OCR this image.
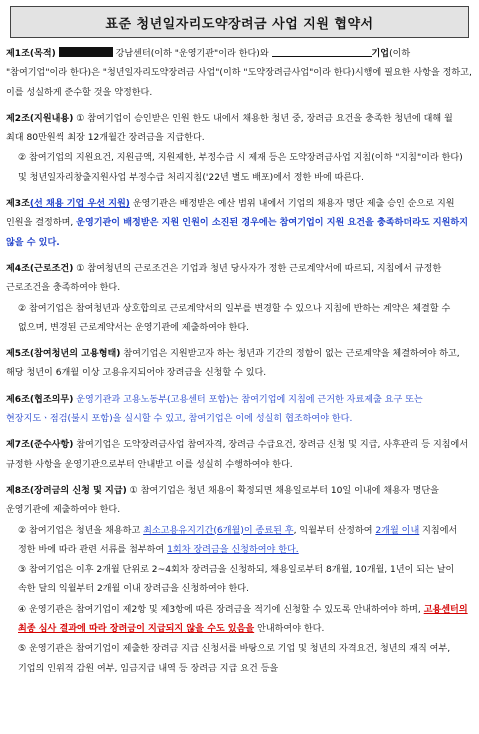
표준 청년일자리도약장려금 사업 지원 협약서
제1조(목적)	강남센터(이하 "운영기관"이라 한다)와	기업(이하 "참여기업"이라 한다)은 "청년일자리도약장려금 사업"(이하 "도약장려금사업"이라 한다)시행에 필요한 사항을 정하고, 이를 성실하게 준수할 것을 약정한다.
제2조(지원내용) ① 참여기업이 승인받은 인원 한도 내에서 채용한 청년 중, 장려금 요건을 충족한 청년에 대해 월 최대 80만원씩 최장 12개월간 장려금을 지급한다.
② 참여기업의 지원요건, 지원금액, 지원제한, 부정수급 시 제재 등은 도약장려금사업 지침(이하 "지침"이라 한다) 및 청년일자리창출지원사업 부정수급 처리지침('22년 별도 배포)에서 정한 바에 따른다.
제3조(선 채용 기업 우선 지원) 운영기관은 배정받은 예산 범위 내에서 기업의 채용자 명단 제출 승인 순으로 지원 인원을 결정하며, 운영기관이 배정받은 지원 인원이 소진된 경우에는 참여기업이 지원 요건을 충족하더라도 지원하지 않을 수 있다.
제4조(근로조건) ① 참여청년의 근로조건은 기업과 청년 당사자가 정한 근로계약서에 따르되, 지침에서 규정한 근로조건을 충족하여야 한다.
② 참여기업은 참여청년과 상호합의로 근로계약서의 일부를 변경할 수 있으나 지침에 반하는 계약은 체결할 수 없으며, 변경된 근로계약서는 운영기관에 제출하여야 한다.
제5조(참여청년의 고용형태) 참여기업은 지원받고자 하는 청년과 기간의 정함이 없는 근로계약을 체결하여야 하고, 해당 청년이 6개월 이상 고용유지되어야 장려금을 신청할 수 있다.
제6조(협조의무) 운영기관과 고용노동부(고용센터 포함)는 참여기업에 지침에 근거한 자료제출 요구 또는 현장지도ㆍ점검(불시 포함)을 실시할 수 있고, 참여기업은 이에 성실히 협조하여야 한다.
제7조(준수사항) 참여기업은 도약장려금사업 참여자격, 장려금 수급요건, 장려금 신청 및 지급, 사후관리 등 지침에서 규정한 사항을 운영기관으로부터 안내받고 이를 성실히 수행하여야 한다.
제8조(장려금의 신청 및 지급) ① 참여기업은 청년 채용이 확정되면 채용일로부터 10일 이내에 채용자 명단을 운영기관에 제출하여야 한다.
② 참여기업은 청년을 채용하고 최소고용유지기간(6개월)이 종료된 후, 익월부터 산정하여 2개월 이내 지침에서 정한 바에 따라 관련 서류를 첨부하여 1회차 장려금을 신청하여야 한다.
③ 참여기업은 이후 2개월 단위로 2~4회차 장려금을 신청하되, 채용일로부터 8개월, 10개월, 1년이 되는 날이 속한 달의 익월부터 2개월 이내 장려금을 신청하여야 한다.
④ 운영기관은 참여기업이 제2항 및 제3항에 따른 장려금을 적기에 신청할 수 있도록 안내하여야 하며, 고용센터의 최종 심사 결과에 따라 장려금이 지급되지 않을 수도 있음을 안내하여야 한다.
⑤ 운영기관은 참여기업이 제출한 장려금 지급 신청서를 바탕으로 기업 및 청년의 자격요건, 청년의 재직 여부, 기업의 인위적 감원 여부, 임금지급 내역 등 장려금 지급 요건 등을
